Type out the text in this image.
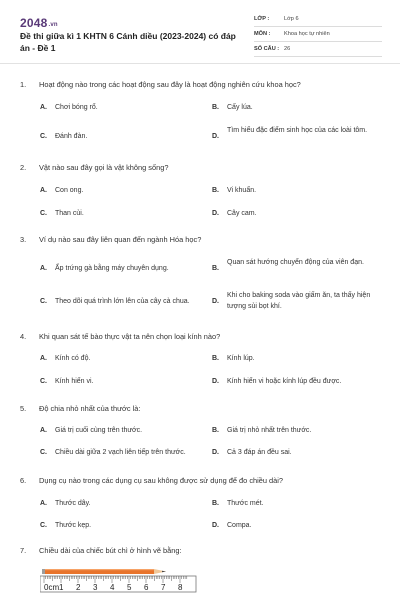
2048.vn
Đề thi giữa kì 1 KHTN 6 Cánh diều (2023-2024) có đáp án - Đề 1
LỚP :	Lớp 6
MÔN :	Khoa học tự nhiên
SỐ CÂU : 26
1. Hoạt động nào trong các hoạt động sau đây là hoạt động nghiên cứu khoa học?
A. Chơi bóng rổ.	B. Cấy lúa.
C. Đánh đàn.	D.
Tìm hiểu đặc điểm sinh học của các loài tôm.
2. Vật nào sau đây gọi là vật không sống?
A. Con ong.	B. Vi khuẩn.
C. Than củi.	D. Cây cam.
3. Ví dụ nào sau đây liên quan đến ngành Hóa học?
A. Ấp trứng gà bằng máy chuyên dụng.	B.
Quan sát hướng chuyển động của viên đạn.
C. Theo dõi quá trình lớn lên của cây cà chua.	D.
Khi cho baking soda vào giấm ăn, ta thấy hiện tượng sủi bọt khí.
4. Khi quan sát tế bào thực vật ta nên chọn loại kính nào?
A. Kính có độ.	B. Kính lúp.
C. Kính hiển vi.	D. Kính hiển vi hoặc kính lúp đều được.
5. Độ chia nhỏ nhất của thước là:
A. Giá trị cuối cùng trên thước.	B. Giá trị nhỏ nhất trên thước.
C. Chiều dài giữa 2 vạch liên tiếp trên thước.	D. Cả 3 đáp án đều sai.
6. Dụng cụ nào trong các dụng cụ sau không được sử dụng để đo chiều dài?
A. Thước dây.	B. Thước mét.
C. Thước kẹp.	D. Compa.
7. Chiều dài của chiếc bút chì ở hình vẽ bằng:
0cm 1 2 3 4 5 6 7 8
